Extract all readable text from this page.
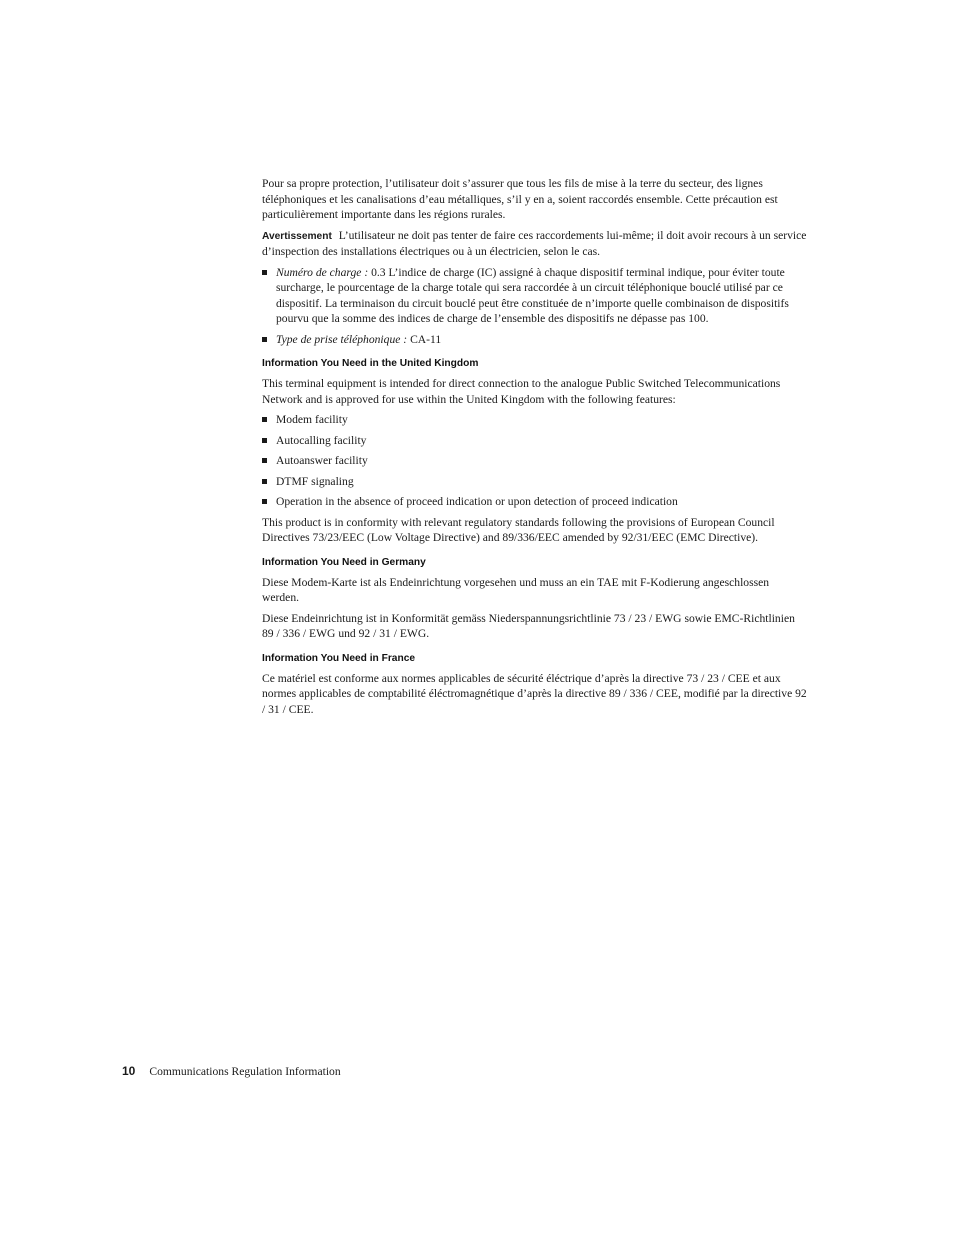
Pour sa propre protection, l’utilisateur doit s’assurer que tous les fils de mise à la terre du secteur, des lignes téléphoniques et les canalisations d’eau métalliques, s’il y en a, soient raccordés ensemble. Cette précaution est particulièrement importante dans les régions rurales.

Avertissement L’utilisateur ne doit pas tenter de faire ces raccordements lui-même; il doit avoir recours à un service d’inspection des installations électriques ou à un électricien, selon le cas.

Numéro de charge : 0.3 L’indice de charge (IC) assigné à chaque dispositif terminal indique, pour éviter toute surcharge, le pourcentage de la charge totale qui sera raccordée à un circuit téléphonique bouclé utilisé par ce dispositif. La terminaison du circuit bouclé peut être constituée de n’importe quelle combinaison de dispositifs pourvu que la somme des indices de charge de l’ensemble des dispositifs ne dépasse pas 100.
Type de prise téléphonique : CA-11
Information You Need in the United Kingdom

This terminal equipment is intended for direct connection to the analogue Public Switched Telecommunications Network and is approved for use within the United Kingdom with the following features:

Modem facility
Autocalling facility
Autoanswer facility
DTMF signaling
Operation in the absence of proceed indication or upon detection of proceed indication

This product is in conformity with relevant regulatory standards following the provisions of European Council Directives 73/23/EEC (Low Voltage Directive) and 89/336/EEC amended by 92/31/EEC (EMC Directive).

Information You Need in Germany

Diese Modem-Karte ist als Endeinrichtung vorgesehen und muss an ein TAE mit F-Kodierung angeschlossen werden.

Diese Endeinrichtung ist in Konformität gemäss Niederspannungsrichtlinie 73 / 23 / EWG sowie EMC-Richtlinien 89 / 336 / EWG und 92 / 31 / EWG.

Information You Need in France

Ce matériel est conforme aux normes applicables de sécurité éléctrique d’après la directive 73 / 23 / CEE et aux normes applicables de comptabilité éléctromagnétique d’après la directive 89 / 336 / CEE, modifié par la directive 92 / 31 / CEE.

10 Communications Regulation Information
